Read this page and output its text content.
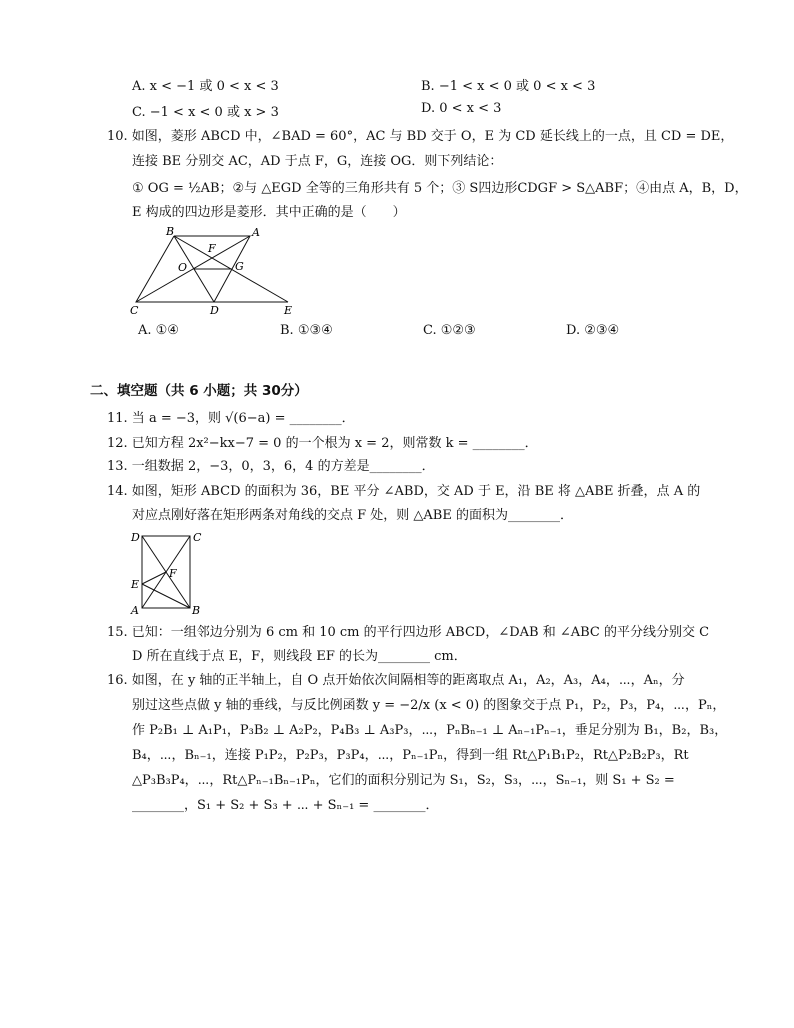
A. x < −1 或 0 < x < 3	B. −1 < x < 0 或 0 < x < 3
C. −1 < x < 0 或 x > 3	D. 0 < x < 3
10. 如图，菱形 ABCD 中，∠BAD = 60°，AC 与 BD 交于 O，E 为 CD 延长线上的一点，且 CD = DE，
连接 BE 分别交 AC，AD 于点 F，G，连接 OG．则下列结论：
① OG = ½AB；②与 △EGD 全等的三角形共有 5 个；③ S四边形CDGF > S△ABF；④由点 A，B，D，
E 构成的四边形是菱形．其中正确的是（　　）
B	A
F
O	G
C	D	E
A. ①④	B. ①③④	C. ①②③	D. ②③④
二、填空题（共 6 小题；共 30分）
11. 当 a = −3，则 √(6−a) = ________．
12. 已知方程 2x²−kx−7 = 0 的一个根为 x = 2，则常数 k = ________．
13. 一组数据 2，−3，0，3，6，4 的方差是________．
14. 如图，矩形 ABCD 的面积为 36，BE 平分 ∠ABD，交 AD 于 E，沿 BE 将 △ABE 折叠，点 A 的
对应点刚好落在矩形两条对角线的交点 F 处，则 △ABE 的面积为________．
D	C
E
F
A	B
15. 已知：一组邻边分别为 6 cm 和 10 cm 的平行四边形 ABCD，∠DAB 和 ∠ABC 的平分线分别交 C
D 所在直线于点 E，F，则线段 EF 的长为________ cm．
16. 如图，在 y 轴的正半轴上，自 O 点开始依次间隔相等的距离取点 A₁，A₂，A₃，A₄，⋯，Aₙ，分
别过这些点做 y 轴的垂线，与反比例函数 y = −2/x (x < 0) 的图象交于点 P₁，P₂，P₃，P₄，⋯，Pₙ，
作 P₂B₁ ⊥ A₁P₁，P₃B₂ ⊥ A₂P₂，P₄B₃ ⊥ A₃P₃，⋯，PₙBₙ₋₁ ⊥ Aₙ₋₁Pₙ₋₁，垂足分别为 B₁，B₂，B₃，
B₄，⋯，Bₙ₋₁，连接 P₁P₂，P₂P₃，P₃P₄，⋯，Pₙ₋₁Pₙ，得到一组 Rt△P₁B₁P₂，Rt△P₂B₂P₃，Rt
△P₃B₃P₄，⋯，Rt△Pₙ₋₁Bₙ₋₁Pₙ，它们的面积分别记为 S₁，S₂，S₃，⋯，Sₙ₋₁，则 S₁ + S₂ =
________，S₁ + S₂ + S₃ + ⋯ + Sₙ₋₁ = ________．
